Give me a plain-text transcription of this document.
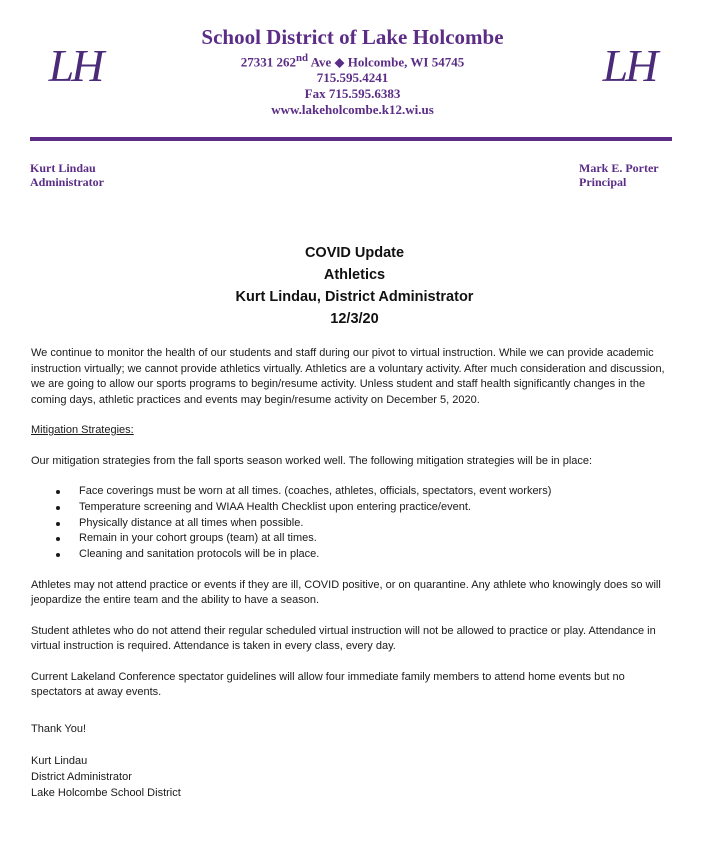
LH	LH
School District of Lake Holcombe
27331 262nd Ave ◆ Holcombe, WI 54745
715.595.4241
Fax 715.595.6383
www.lakeholcombe.k12.wi.us
Kurt Lindau
Administrator
Mark E. Porter
Principal
COVID Update
Athletics
Kurt Lindau, District Administrator
12/3/20

We continue to monitor the health of our students and staff during our pivot to virtual instruction. While we can provide academic instruction virtually; we cannot provide athletics virtually. Athletics are a voluntary activity. After much consideration and discussion, we are going to allow our sports programs to begin/resume activity. Unless student and staff health significantly changes in the coming days, athletic practices and events may begin/resume activity on December 5, 2020.

Mitigation Strategies:

Our mitigation strategies from the fall sports season worked well. The following mitigation strategies will be in place:

Face coverings must be worn at all times. (coaches, athletes, officials, spectators, event workers)
Temperature screening and WIAA Health Checklist upon entering practice/event.
Physically distance at all times when possible.
Remain in your cohort groups (team) at all times.
Cleaning and sanitation protocols will be in place.

Athletes may not attend practice or events if they are ill, COVID positive, or on quarantine. Any athlete who knowingly does so will jeopardize the entire team and the ability to have a season.

Student athletes who do not attend their regular scheduled virtual instruction will not be allowed to practice or play. Attendance in virtual instruction is required. Attendance is taken in every class, every day.

Current Lakeland Conference spectator guidelines will allow four immediate family members to attend home events but no spectators at away events.

Thank You!
Kurt Lindau
District Administrator
Lake Holcombe School District
